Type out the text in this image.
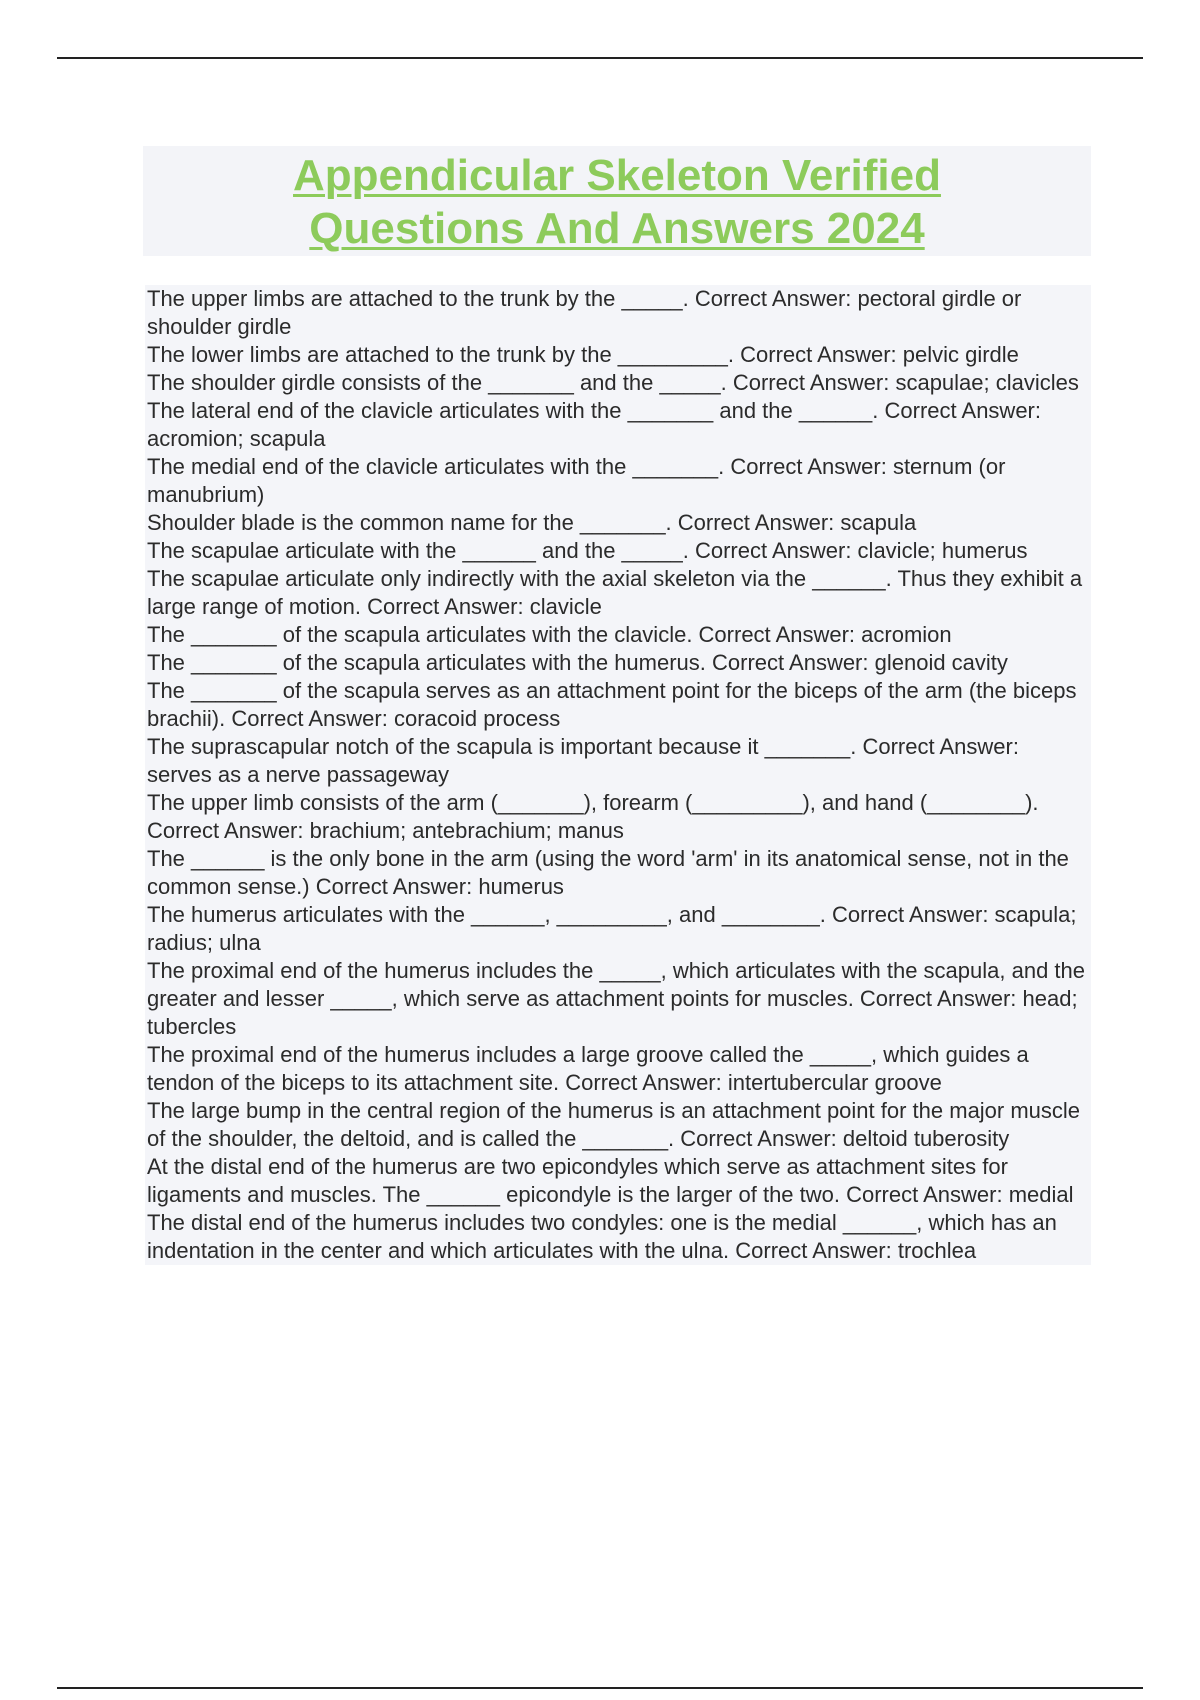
Appendicular Skeleton Verified
Questions And Answers 2024

The upper limbs are attached to the trunk by the _____. Correct Answer: pectoral girdle or shoulder girdle

The lower limbs are attached to the trunk by the _________. Correct Answer: pelvic girdle

The shoulder girdle consists of the _______ and the _____. Correct Answer: scapulae; clavicles

The lateral end of the clavicle articulates with the _______ and the ______. Correct Answer: acromion; scapula

The medial end of the clavicle articulates with the _______. Correct Answer: sternum (or manubrium)

Shoulder blade is the common name for the _______. Correct Answer: scapula

The scapulae articulate with the ______ and the _____. Correct Answer: clavicle; humerus

The scapulae articulate only indirectly with the axial skeleton via the ______. Thus they exhibit a large range of motion. Correct Answer: clavicle

The _______ of the scapula articulates with the clavicle. Correct Answer: acromion

The _______ of the scapula articulates with the humerus. Correct Answer: glenoid cavity

The _______ of the scapula serves as an attachment point for the biceps of the arm (the biceps brachii). Correct Answer: coracoid process

The suprascapular notch of the scapula is important because it _______. Correct Answer: serves as a nerve passageway

The upper limb consists of the arm (_______), forearm (_________), and hand (________). Correct Answer: brachium; antebrachium; manus

The ______ is the only bone in the arm (using the word 'arm' in its anatomical sense, not in the common sense.) Correct Answer: humerus

The humerus articulates with the ______, _________, and ________. Correct Answer: scapula; radius; ulna

The proximal end of the humerus includes the _____, which articulates with the scapula, and the greater and lesser _____, which serve as attachment points for muscles. Correct Answer: head; tubercles

The proximal end of the humerus includes a large groove called the _____, which guides a tendon of the biceps to its attachment site. Correct Answer: intertubercular groove

The large bump in the central region of the humerus is an attachment point for the major muscle of the shoulder, the deltoid, and is called the _______. Correct Answer: deltoid tuberosity

At the distal end of the humerus are two epicondyles which serve as attachment sites for ligaments and muscles. The ______ epicondyle is the larger of the two. Correct Answer: medial

The distal end of the humerus includes two condyles: one is the medial ______, which has an indentation in the center and which articulates with the ulna. Correct Answer: trochlea
